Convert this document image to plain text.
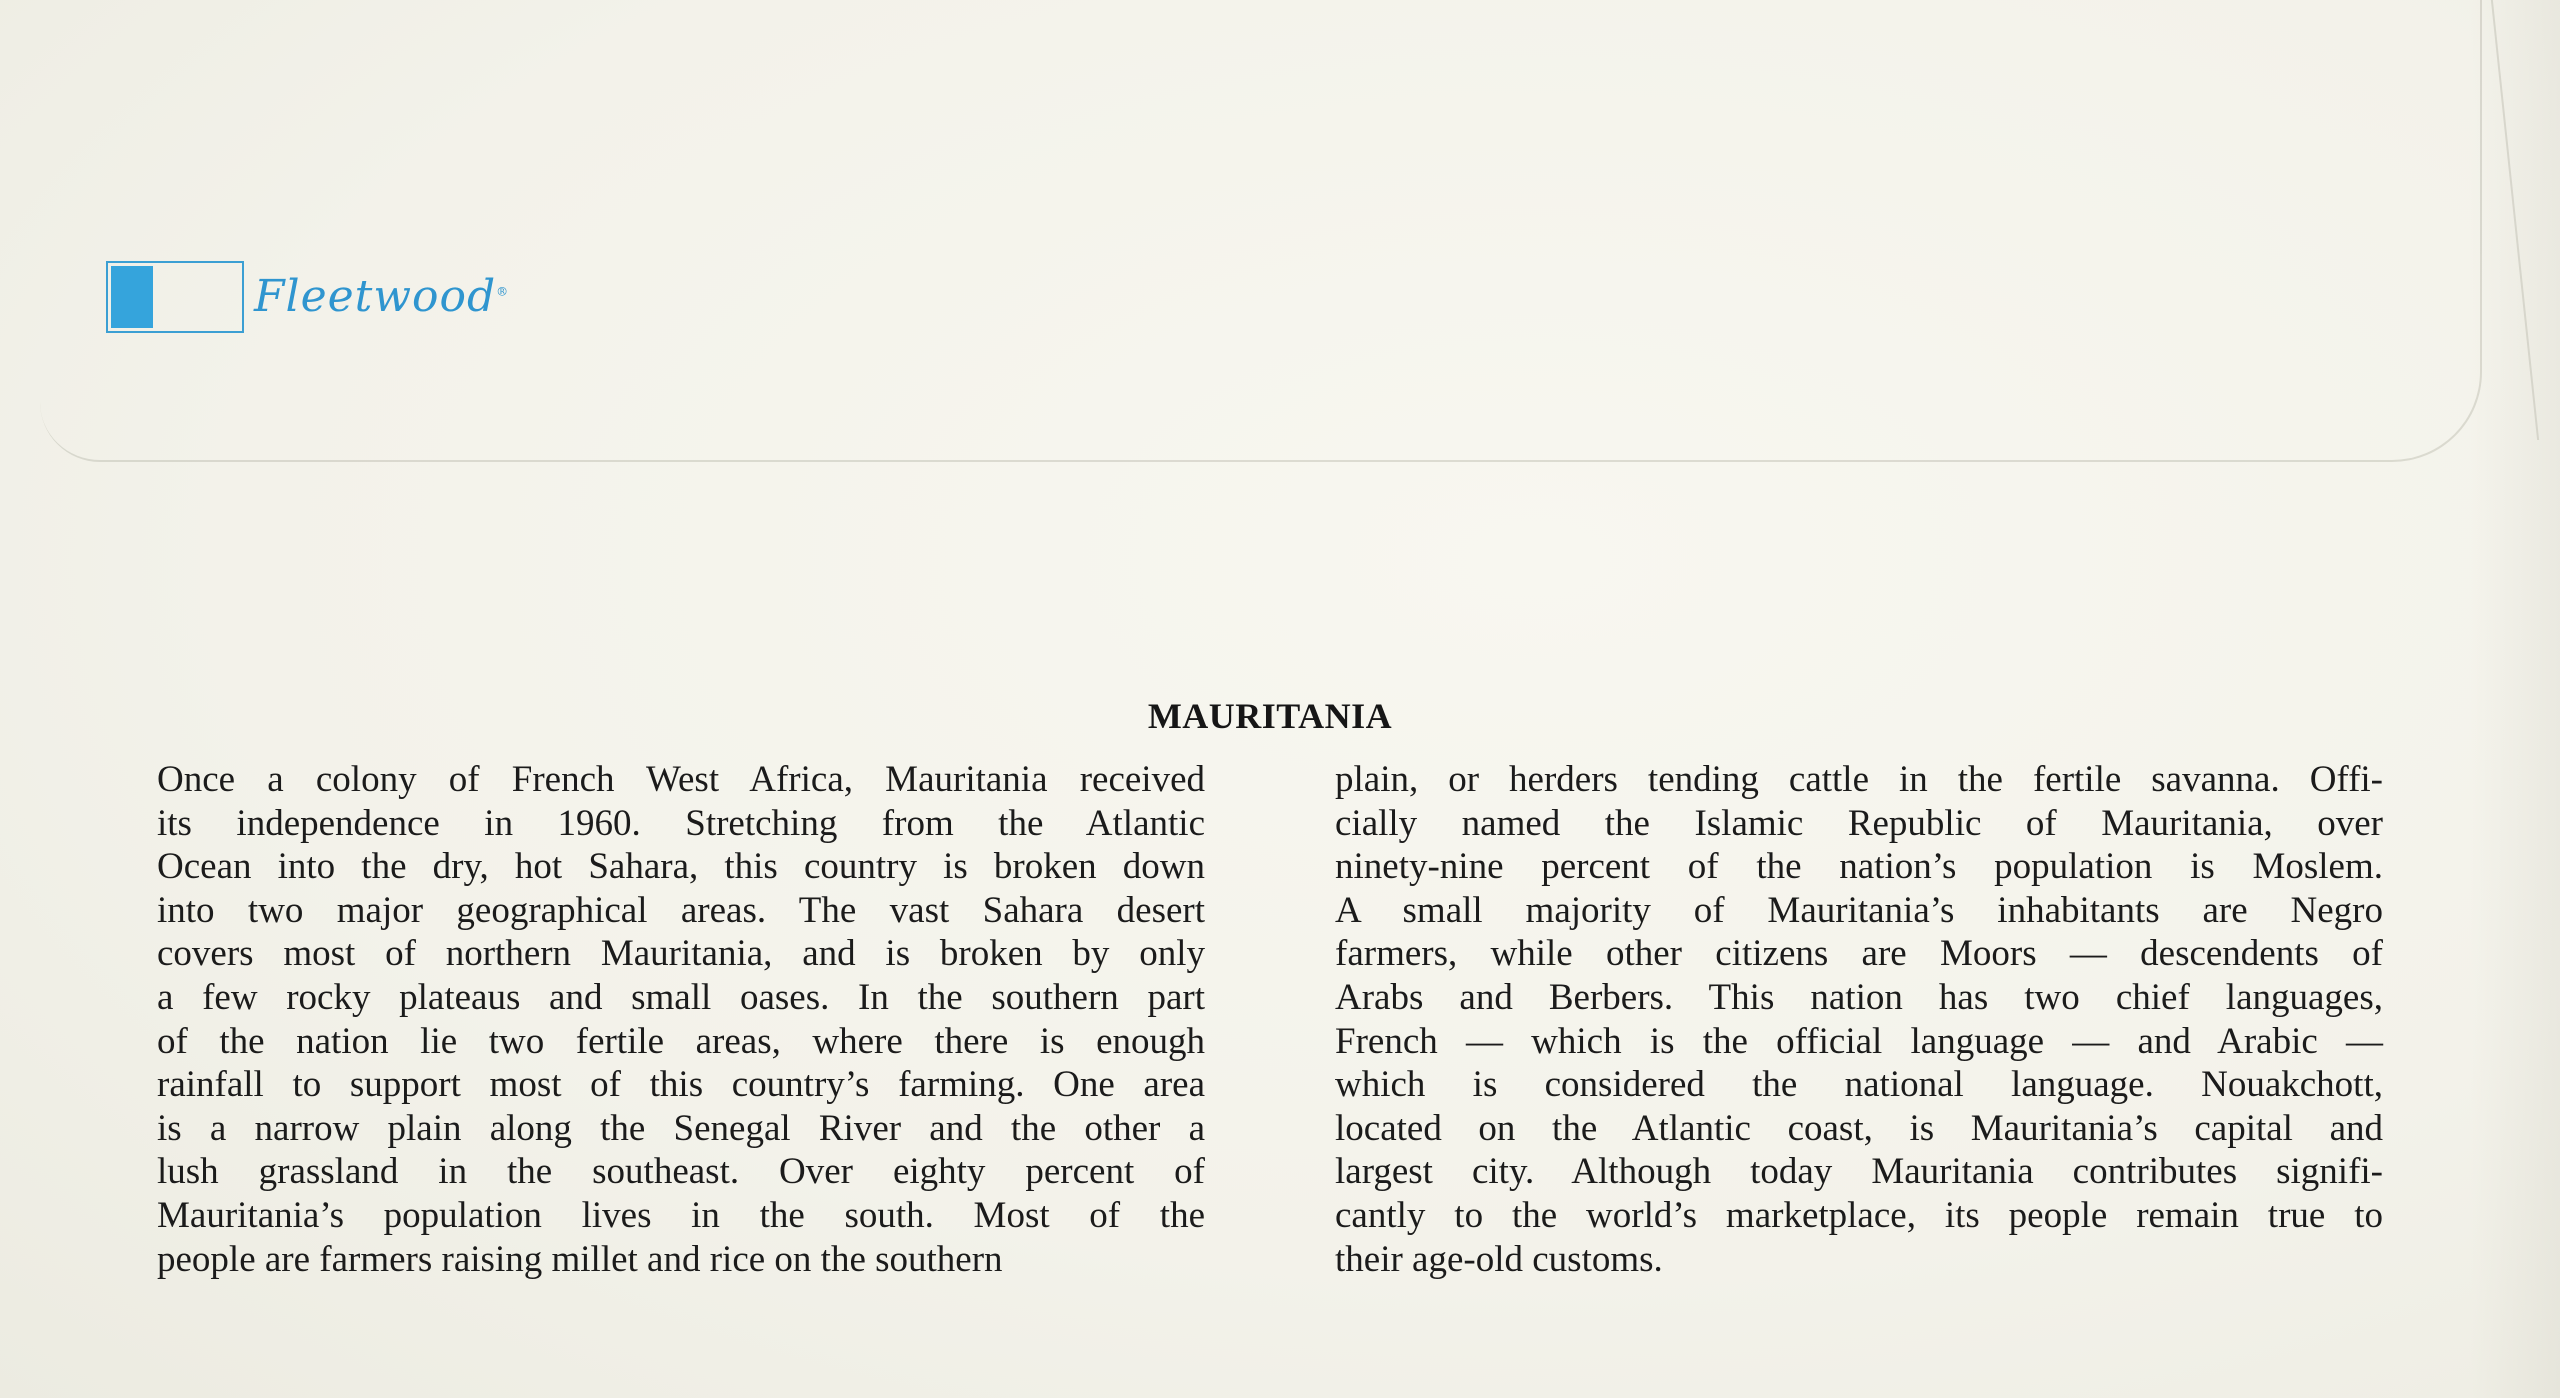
Fleetwood®
MAURITANIA
Once a colony of French West Africa, Mauritania received
its independence in 1960. Stretching from the Atlantic
Ocean into the dry, hot Sahara, this country is broken down
into two major geographical areas. The vast Sahara desert
covers most of northern Mauritania, and is broken by only
a few rocky plateaus and small oases. In the southern part
of the nation lie two fertile areas, where there is enough
rainfall to support most of this country’s farming. One area
is a narrow plain along the Senegal River and the other a
lush grassland in the southeast. Over eighty percent of
Mauritania’s population lives in the south. Most of the
people are farmers raising millet and rice on the southern
plain, or herders tending cattle in the fertile savanna. Offi-
cially named the Islamic Republic of Mauritania, over
ninety-nine percent of the nation’s population is Moslem.
A small majority of Mauritania’s inhabitants are Negro
farmers, while other citizens are Moors — descendents of
Arabs and Berbers. This nation has two chief languages,
French — which is the official language — and Arabic —
which is considered the national language. Nouakchott,
located on the Atlantic coast, is Mauritania’s capital and
largest city. Although today Mauritania contributes signifi-
cantly to the world’s marketplace, its people remain true to
their age-old customs.
